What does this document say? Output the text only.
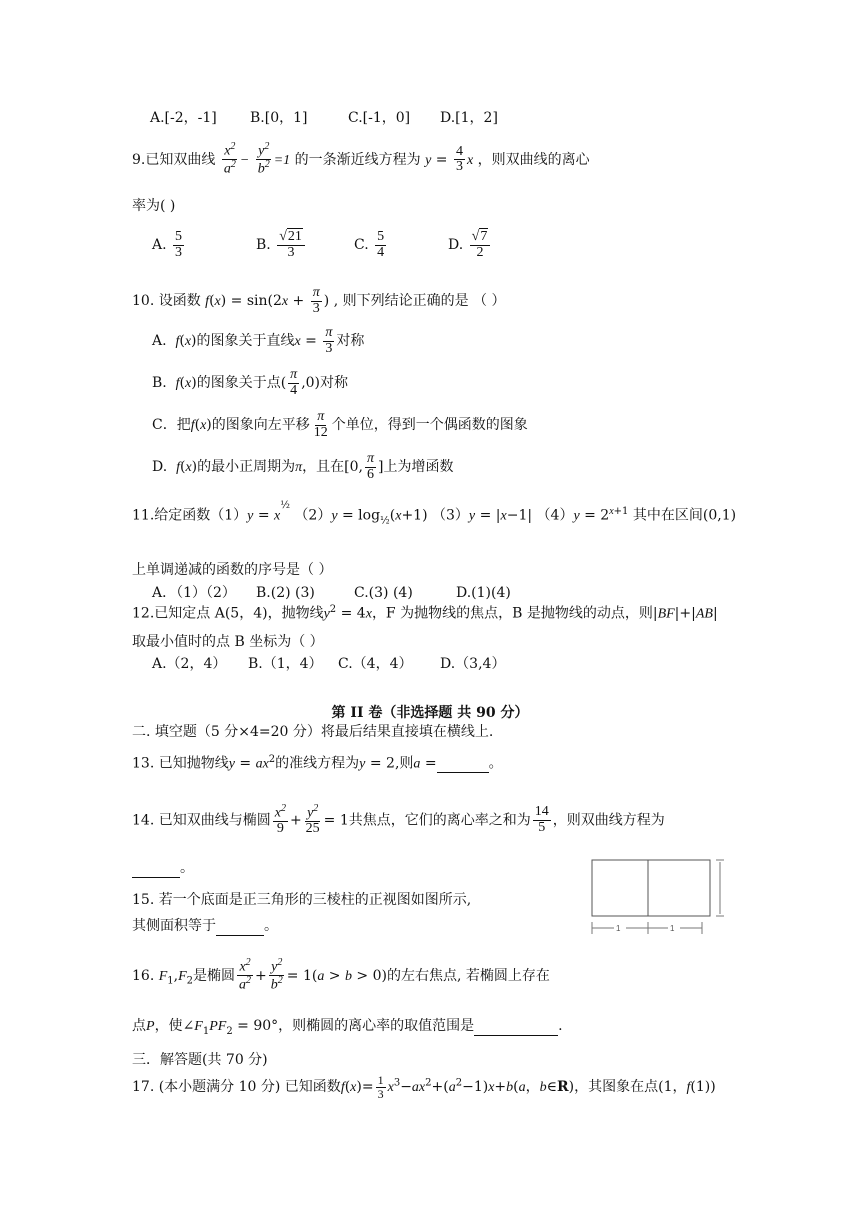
A.[-2，-1] B.[0，1]	C.[-1，0] D.[1，2]
9.已知双曲线 $\frac{x^2}{a^2} - \frac{y^2}{b^2} =1$ 的一条渐近线方程为 $y = \frac{4}{3}$ x ，则双曲线的离心
率为( )
A. $\frac{5}{3}$	B. $\frac{√21}{3}$	C. $\frac{5}{4}$	D. $\frac{√7}{2}$
10. 设函数 $f(x) = \sin(2x + \frac{\pi}{3}$ ) , 则下列结论正确的是 （ ）
A. f(x)的图象关于直线$x = \frac{\pi}{3}$ 对称
B. f(x)的图象关于点( $\frac{\pi}{4} ,0$)对称
C．把f(x)的图象向左平移 $\frac{\pi}{12}$ 个单位，得到一个偶函数的图象
D. f(x)的最小正周期为π，且在[0, $\frac{\pi}{6}$ ]上为增函数
11.给定函数$(1)y = x^{\frac{1}{2}}$ $(2)y = \log_{\frac{1}{2}}(x+1) (3)y = |x-1|$ $(4)y = 2^{x+1}$ 其中在区间(0,1)
上单调递减的函数的序号是（ ）
A．（1）（2） B.(2) (3)	C.(3) (4)	D.(1)(4)
12.已知定点 A(5，4)，抛物线$y^2 = 4x$，F 为抛物线的焦点，B 是抛物线的动点，则|BF|+|AB|
取最小值时的点 B 坐标为（ ）
A.（2，4） B.（1，4） C.（4，4） D.（3,4）
第 II 卷（非选择题 共 90 分）
二. 填空题（5 分×4=20 分）将最后结果直接填在横线上.
13. 已知抛物线$y = ax^2$的准线方程为y = 2,则a =	。
14. 已知双曲线与椭圆 $\frac{x^2}{9} + \frac{y^2}{25} = 1$共焦点，它们的离心率之和为 $\frac{14}{5}$ ，则双曲线方程为
。
15. 若一个底面是正三角形的三棱柱的正视图如图所示,
其侧面积等于	。	1	1
16. $F_1,F_2$是椭圆 $\frac{x^2}{a^2} + \frac{y^2}{b^2} = 1(a > b > 0)$的左右焦点, 若椭圆上存在
点P，使$\angle F_1PF_2 = 90^\circ$，则椭圆的离心率的取值范围是	.
三．解答题(共 70 分)
17. (本小题满分 10 分) 已知函数$f(x)= \frac{1}{3} x^3-ax^2+(a^2-1)x+b(a$，b∈R)，其图象在点(1，f(1))
